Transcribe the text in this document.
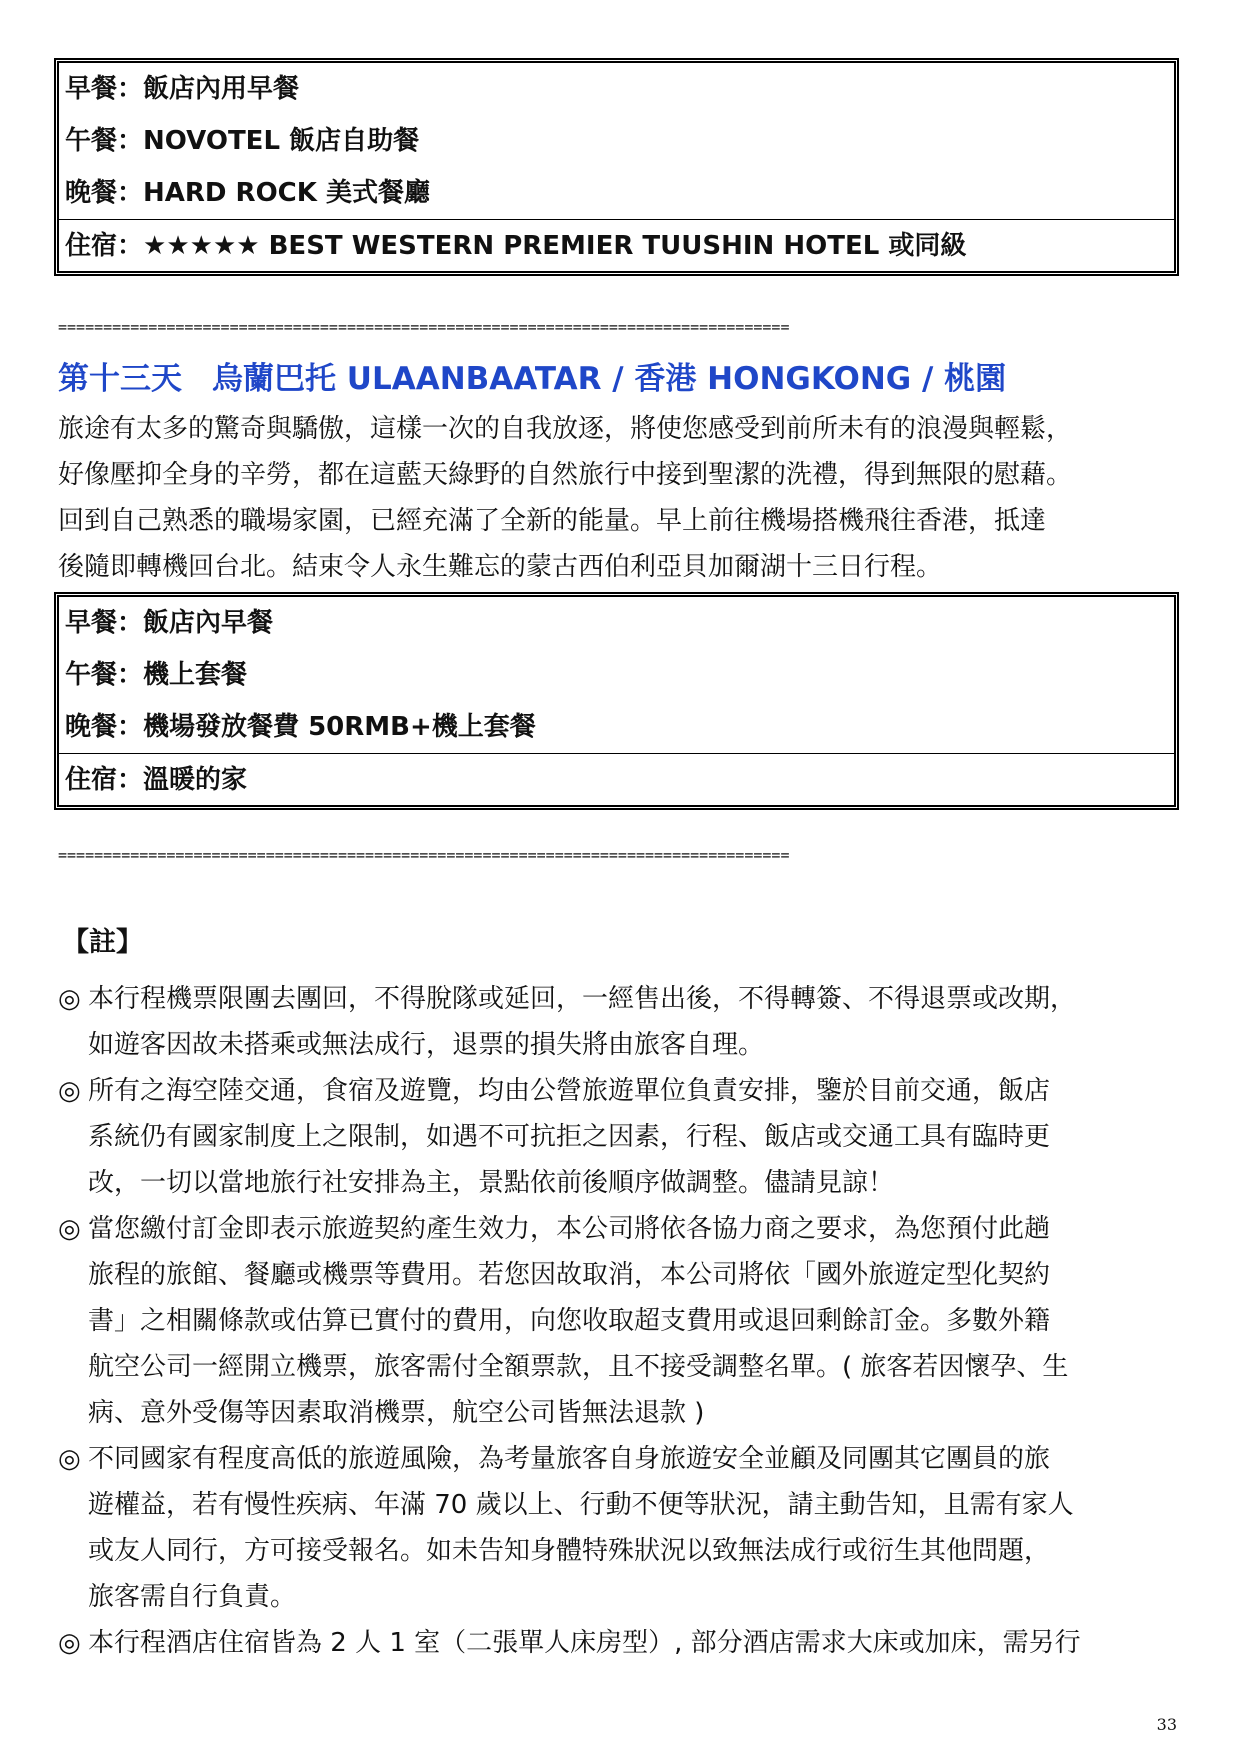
早餐：飯店內用早餐
午餐：NOVOTEL 飯店自助餐
晚餐：HARD ROCK 美式餐廳
住宿：★★★★★ BEST WESTERN PREMIER TUUSHIN HOTEL 或同級
=================================================================================
第十三天 烏蘭巴托 ULAANBAATAR / 香港 HONGKONG / 桃園
旅途有太多的驚奇與驕傲，這樣一次的自我放逐，將使您感受到前所未有的浪漫與輕鬆，
好像壓抑全身的辛勞，都在這藍天綠野的自然旅行中接到聖潔的洗禮，得到無限的慰藉。
回到自己熟悉的職場家園，已經充滿了全新的能量。早上前往機場搭機飛往香港，抵達
後隨即轉機回台北。結束令人永生難忘的蒙古西伯利亞貝加爾湖十三日行程。
早餐：飯店內早餐
午餐：機上套餐
晚餐：機場發放餐費 50RMB+機上套餐
住宿：溫暖的家
=================================================================================
【註】
◎ 本行程機票限團去團回，不得脫隊或延回，一經售出後，不得轉簽、不得退票或改期，
如遊客因故未搭乘或無法成行，退票的損失將由旅客自理。
◎ 所有之海空陸交通，食宿及遊覽，均由公營旅遊單位負責安排，鑒於目前交通，飯店
系統仍有國家制度上之限制，如遇不可抗拒之因素，行程、飯店或交通工具有臨時更
改，一切以當地旅行社安排為主，景點依前後順序做調整。儘請見諒！
◎ 當您繳付訂金即表示旅遊契約產生效力，本公司將依各協力商之要求，為您預付此趟
旅程的旅館、餐廳或機票等費用。若您因故取消，本公司將依「國外旅遊定型化契約
書」之相關條款或估算已實付的費用，向您收取超支費用或退回剩餘訂金。多數外籍
航空公司一經開立機票，旅客需付全額票款，且不接受調整名單。( 旅客若因懷孕、生
病、意外受傷等因素取消機票，航空公司皆無法退款 )
◎ 不同國家有程度高低的旅遊風險，為考量旅客自身旅遊安全並顧及同團其它團員的旅
遊權益，若有慢性疾病、年滿 70 歲以上、行動不便等狀況，請主動告知，且需有家人
或友人同行，方可接受報名。如未告知身體特殊狀況以致無法成行或衍生其他問題，
旅客需自行負責。
◎ 本行程酒店住宿皆為 2 人 1 室（二張單人床房型）, 部分酒店需求大床或加床，需另行
33
